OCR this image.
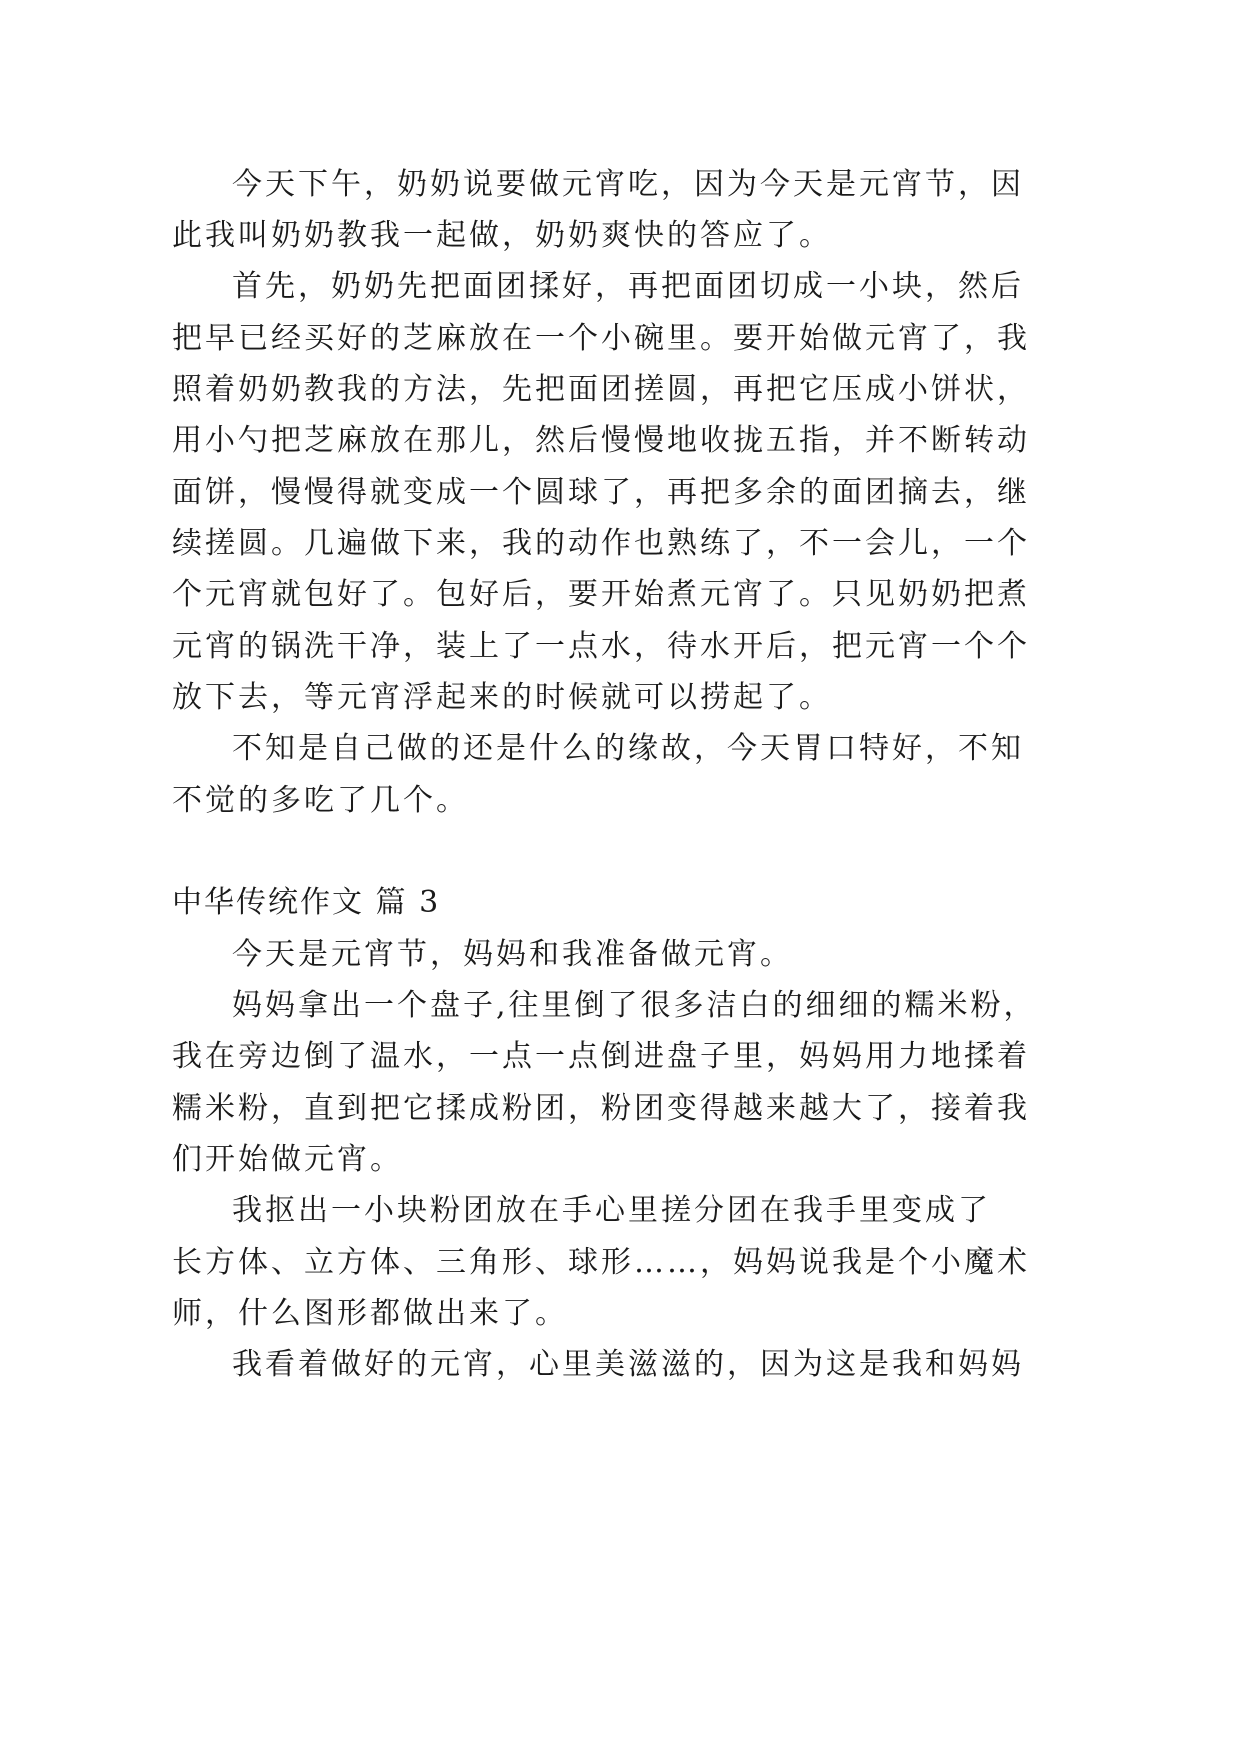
今天下午，奶奶说要做元宵吃，因为今天是元宵节，因
此我叫奶奶教我一起做，奶奶爽快的答应了。
首先，奶奶先把面团揉好，再把面团切成一小块，然后
把早已经买好的芝麻放在一个小碗里。要开始做元宵了，我
照着奶奶教我的方法，先把面团搓圆，再把它压成小饼状，
用小勺把芝麻放在那儿，然后慢慢地收拢五指，并不断转动
面饼，慢慢得就变成一个圆球了，再把多余的面团摘去，继
续搓圆。几遍做下来，我的动作也熟练了，不一会儿，一个
个元宵就包好了。包好后，要开始煮元宵了。只见奶奶把煮
元宵的锅洗干净，装上了一点水，待水开后，把元宵一个个
放下去，等元宵浮起来的时候就可以捞起了。
不知是自己做的还是什么的缘故，今天胃口特好，不知
不觉的多吃了几个。
中华传统作文 篇 3
今天是元宵节，妈妈和我准备做元宵。
妈妈拿出一个盘子,往里倒了很多洁白的细细的糯米粉，
我在旁边倒了温水，一点一点倒进盘子里，妈妈用力地揉着
糯米粉，直到把它揉成粉团，粉团变得越来越大了，接着我
们开始做元宵。
我抠出一小块粉团放在手心里搓分团在我手里变成了
长方体、立方体、三角形、球形……，妈妈说我是个小魔术
师，什么图形都做出来了。
我看着做好的元宵，心里美滋滋的，因为这是我和妈妈
